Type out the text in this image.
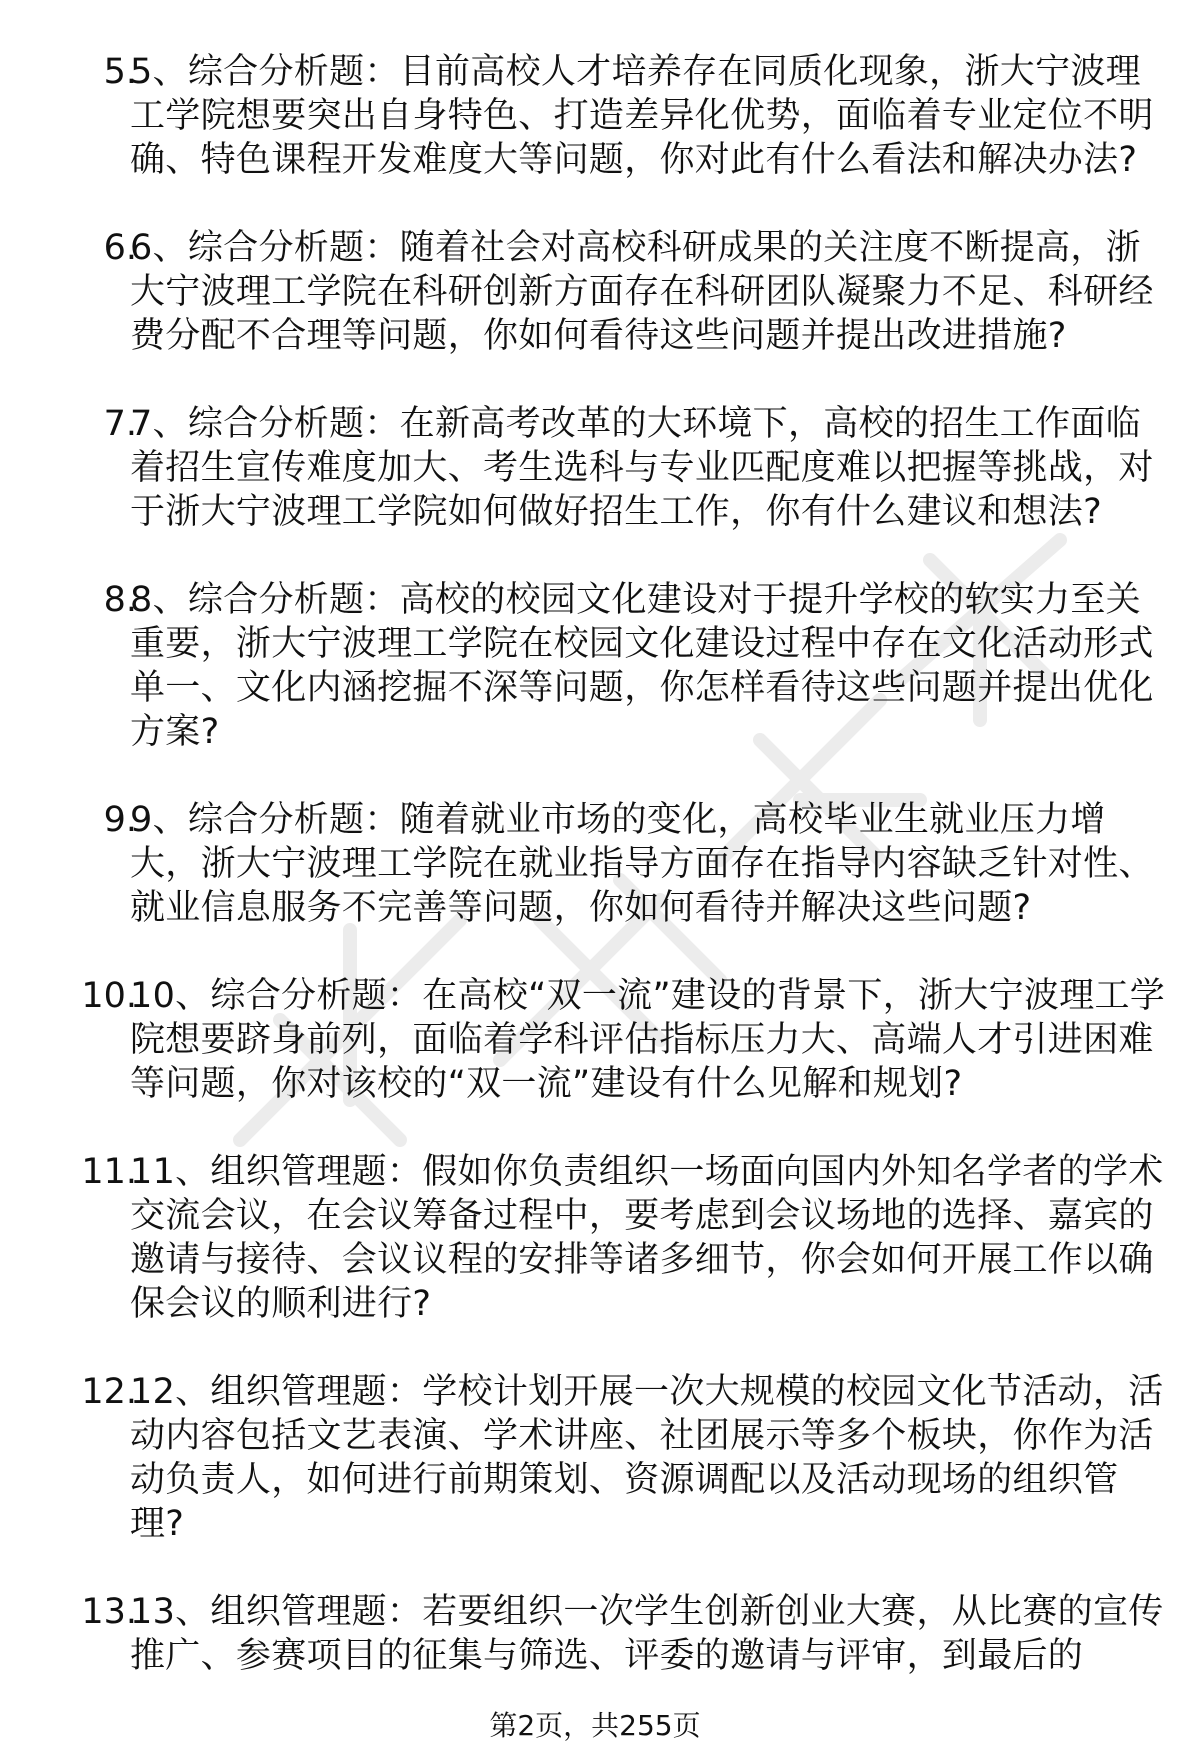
5.
5、综合分析题：目前高校人才培养存在同质化现象，浙大宁波理工学院想要突出自身特色、打造差异化优势，面临着专业定位不明确、特色课程开发难度大等问题，你对此有什么看法和解决办法?
6.
6、综合分析题：随着社会对高校科研成果的关注度不断提高，浙大宁波理工学院在科研创新方面存在科研团队凝聚力不足、科研经费分配不合理等问题，你如何看待这些问题并提出改进措施?
7.
7、综合分析题：在新高考改革的大环境下，高校的招生工作面临着招生宣传难度加大、考生选科与专业匹配度难以把握等挑战，对于浙大宁波理工学院如何做好招生工作，你有什么建议和想法?
8.
8、综合分析题：高校的校园文化建设对于提升学校的软实力至关重要，浙大宁波理工学院在校园文化建设过程中存在文化活动形式单一、文化内涵挖掘不深等问题，你怎样看待这些问题并提出优化方案?
9.
9、综合分析题：随着就业市场的变化，高校毕业生就业压力增大，浙大宁波理工学院在就业指导方面存在指导内容缺乏针对性、就业信息服务不完善等问题，你如何看待并解决这些问题?
10.
10、综合分析题：在高校“双一流”建设的背景下，浙大宁波理工学院想要跻身前列，面临着学科评估指标压力大、高端人才引进困难等问题，你对该校的“双一流”建设有什么见解和规划?
11.
11、组织管理题：假如你负责组织一场面向国内外知名学者的学术交流会议，在会议筹备过程中，要考虑到会议场地的选择、嘉宾的邀请与接待、会议议程的安排等诸多细节，你会如何开展工作以确保会议的顺利进行?
12.
12、组织管理题：学校计划开展一次大规模的校园文化节活动，活动内容包括文艺表演、学术讲座、社团展示等多个板块，你作为活动负责人，如何进行前期策划、资源调配以及活动现场的组织管理?
13.
13、组织管理题：若要组织一次学生创新创业大赛，从比赛的宣传推广、参赛项目的征集与筛选、评委的邀请与评审，到最后的
第2页，共255页
